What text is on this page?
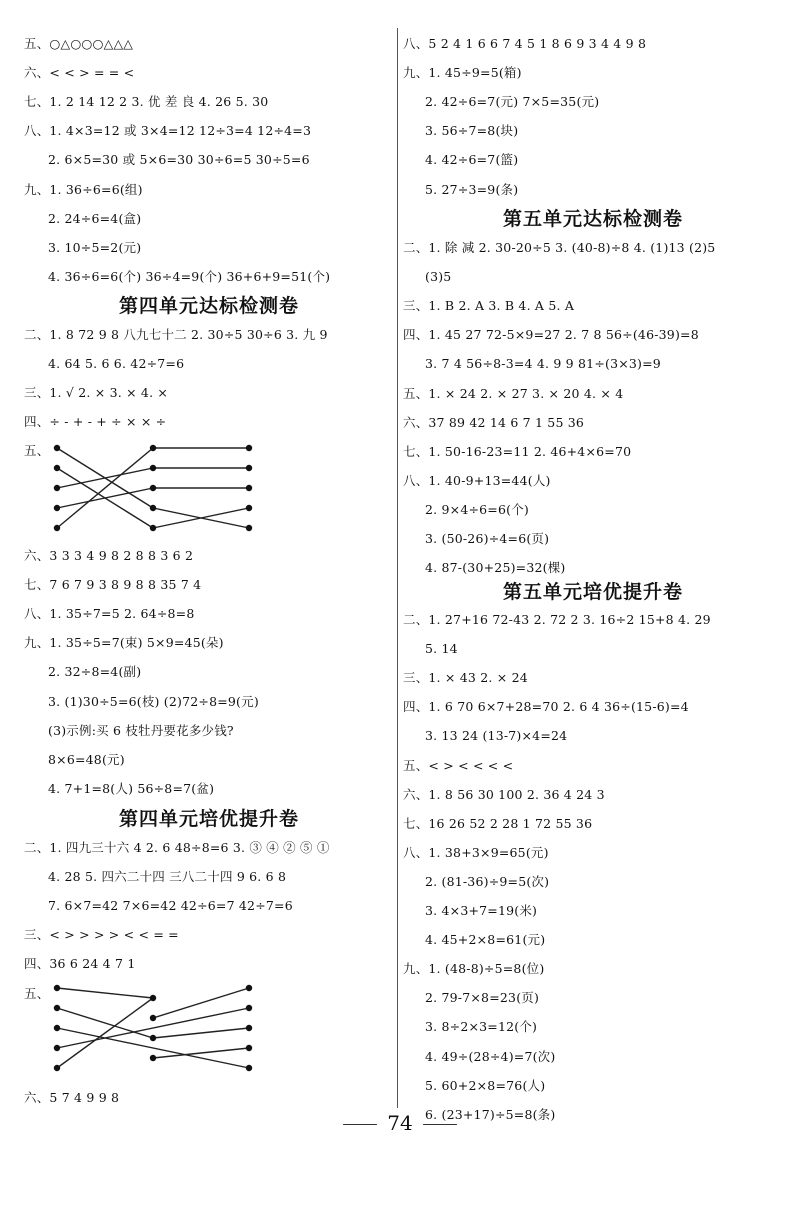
五、○△○○○△△△
六、< < > = = <
七、1. 2 14 12 2 3. 优 差 良 4. 26 5. 30
八、1. 4×3=12 或 3×4=12 12÷3=4 12÷4=3
2. 6×5=30 或 5×6=30 30÷6=5 30÷5=6
九、1. 36÷6=6(组)
2. 24÷6=4(盒)
3. 10÷5=2(元)
4. 36÷6=6(个) 36÷4=9(个) 36+6+9=51(个)
第四单元达标检测卷
二、1. 8 72 9 8 八九七十二 2. 30÷5 30÷6 3. 九 9
4. 64 5. 6 6. 42÷7=6
三、1. √ 2. × 3. × 4. ×
四、÷ - + - + ÷ × × ÷
五、
六、3 3 3 4 9 8 2 8 8 3 6 2
七、7 6 7 9 3 8 9 8 8 35 7 4
八、1. 35÷7=5 2. 64÷8=8
九、1. 35÷5=7(束) 5×9=45(朵)
2. 32÷8=4(副)
3. (1)30÷5=6(枝) (2)72÷8=9(元)
(3)示例:买 6 枝牡丹要花多少钱?
8×6=48(元)
4. 7+1=8(人) 56÷8=7(盆)
第四单元培优提升卷
二、1. 四九三十六 4 2. 6 48÷8=6 3. ③ ④ ② ⑤ ①
4. 28 5. 四六二十四 三八二十四 9 6. 6 8
7. 6×7=42 7×6=42 42÷6=7 42÷7=6
三、< > > > > < < = =
四、36 6 24 4 7 1
五、
六、5 7 4 9 9 8
八、5 2 4 1 6 6 7 4 5 1 8 6 9 3 4 4 9 8
九、1. 45÷9=5(箱)
2. 42÷6=7(元) 7×5=35(元)
3. 56÷7=8(块)
4. 42÷6=7(篮)
5. 27÷3=9(条)
第五单元达标检测卷
二、1. 除 减 2. 30-20÷5 3. (40-8)÷8 4. (1)13 (2)5
(3)5
三、1. B 2. A 3. B 4. A 5. A
四、1. 45 27 72-5×9=27 2. 7 8 56÷(46-39)=8
3. 7 4 56÷8-3=4 4. 9 9 81÷(3×3)=9
五、1. × 24 2. × 27 3. × 20 4. × 4
六、37 89 42 14 6 7 1 55 36
七、1. 50-16-23=11 2. 46+4×6=70
八、1. 40-9+13=44(人)
2. 9×4÷6=6(个)
3. (50-26)÷4=6(页)
4. 87-(30+25)=32(棵)
第五单元培优提升卷
二、1. 27+16 72-43 2. 72 2 3. 16÷2 15+8 4. 29
5. 14
三、1. × 43 2. × 24
四、1. 6 70 6×7+28=70 2. 6 4 36÷(15-6)=4
3. 13 24 (13-7)×4=24
五、< > < < < <
六、1. 8 56 30 100 2. 36 4 24 3
七、16 26 52 2 28 1 72 55 36
八、1. 38+3×9=65(元)
2. (81-36)÷9=5(次)
3. 4×3+7=19(米)
4. 45+2×8=61(元)
九、1. (48-8)÷5=8(位)
2. 79-7×8=23(页)
3. 8÷2×3=12(个)
4. 49÷(28÷4)=7(次)
5. 60+2×8=76(人)
6. (23+17)÷5=8(条)
74
